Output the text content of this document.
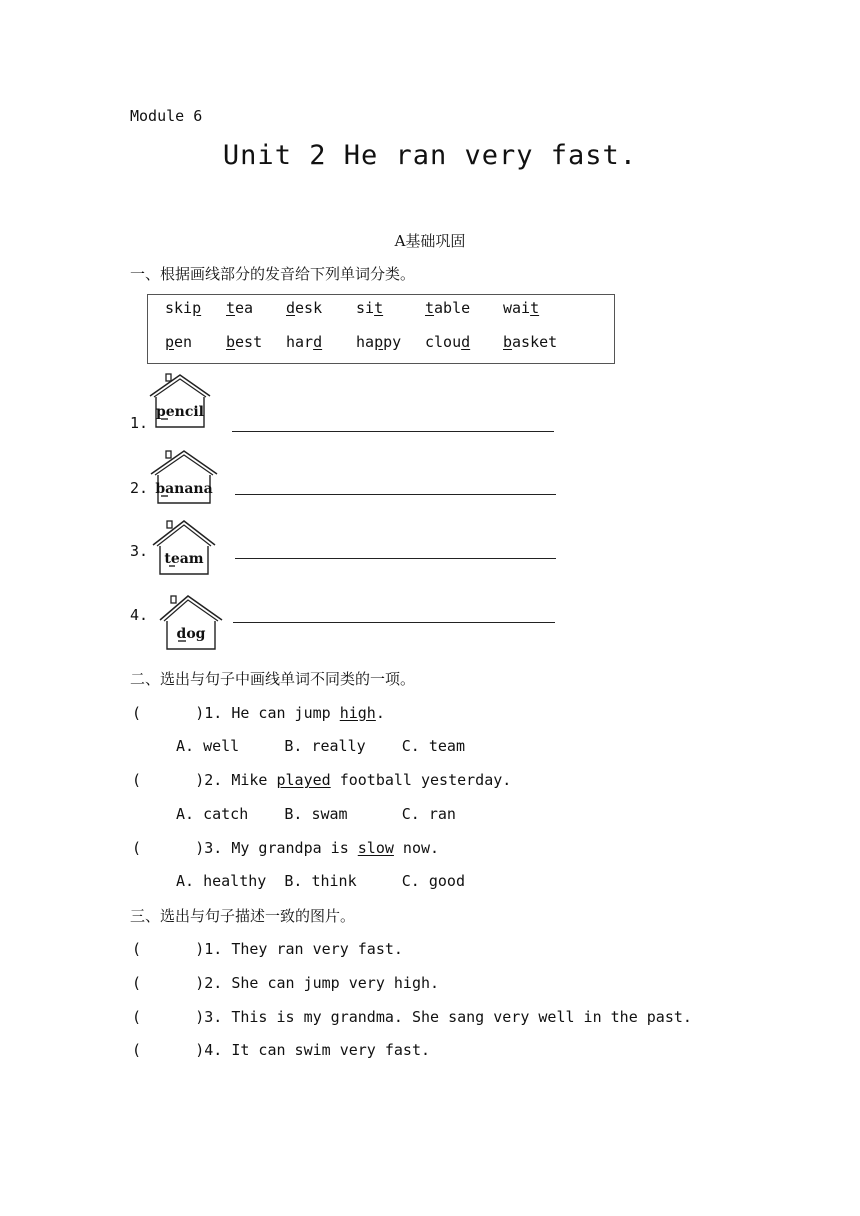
Module 6
Unit 2 He ran very fast.
A基础巩固
一、根据画线部分的发音给下列单词分类。
skip tea desk sit	table wait
pen best hard happy cloud basket
1.
pencil
2. banana
3. team
4.
dog
二、选出与句子中画线单词不同类的一项。
(      )1. He can jump high.
A. well     B. really    C. team
(      )2. Mike played football yesterday.
A. catch    B. swam      C. ran
(      )3. My grandpa is slow now.
A. healthy  B. think     C. good
三、选出与句子描述一致的图片。
(      )1. They ran very fast.
(      )2. She can jump very high.
(      )3. This is my grandma. She sang very well in the past.
(      )4. It can swim very fast.
